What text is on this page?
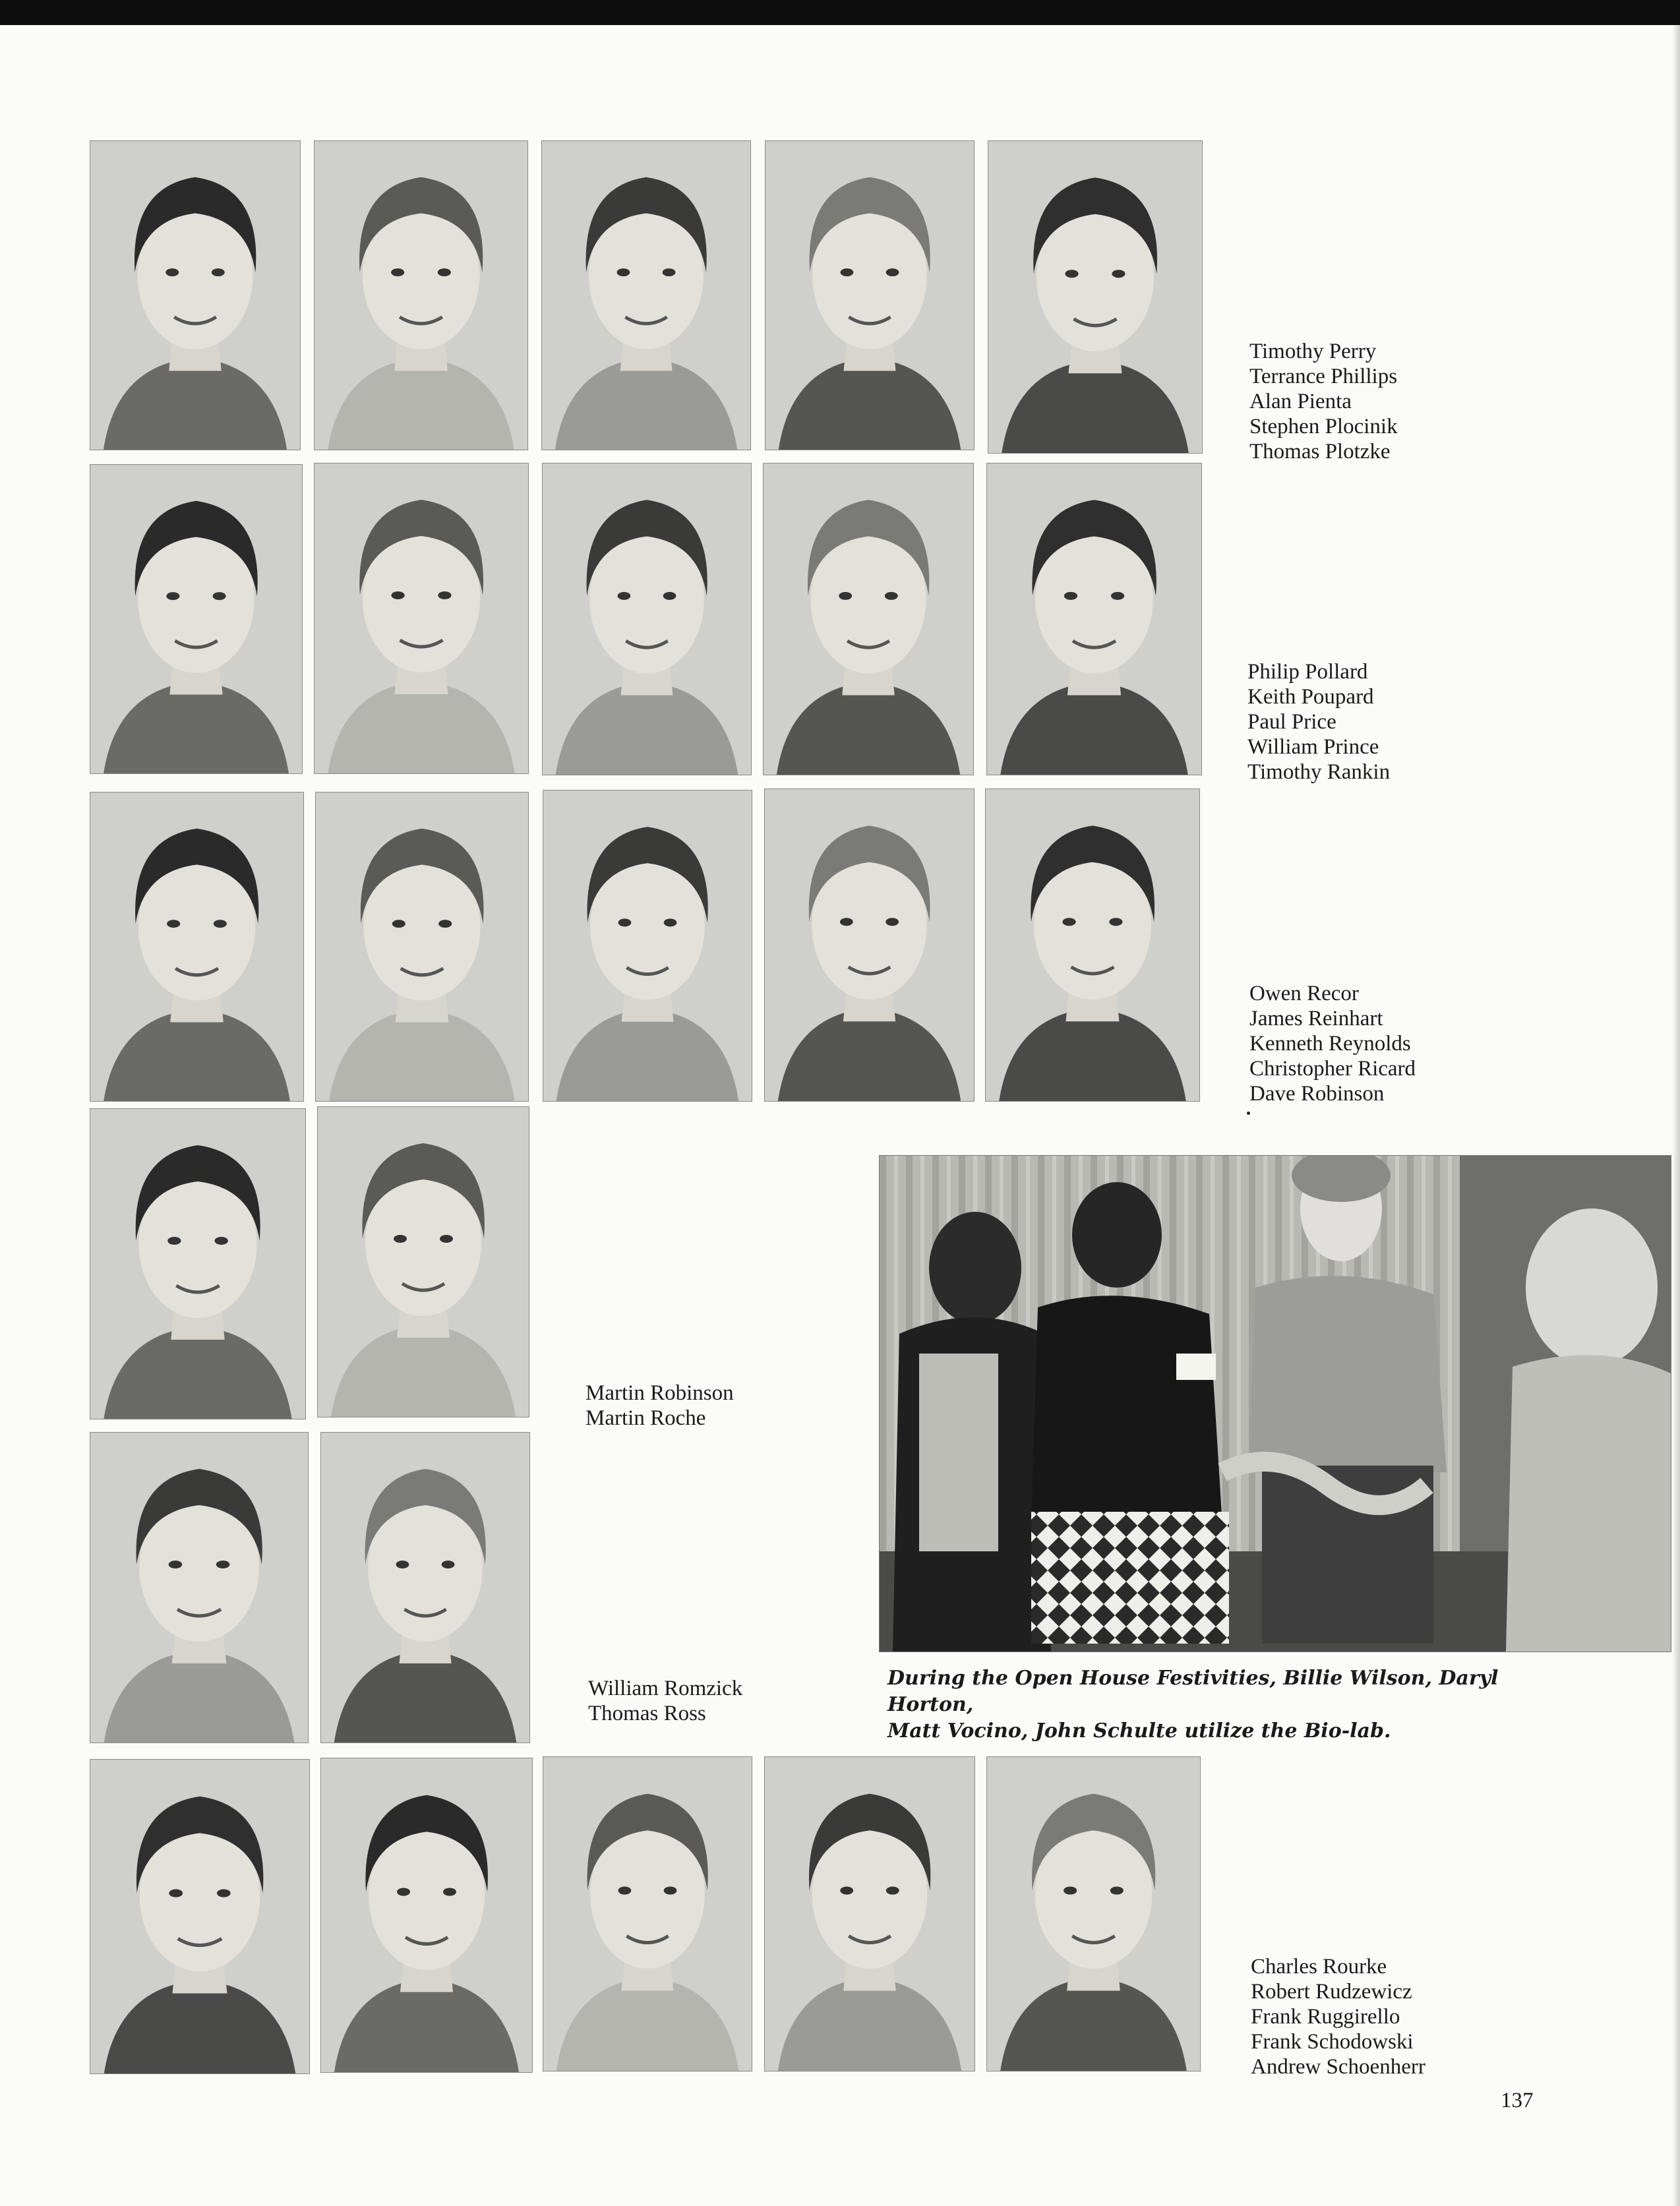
Timothy Perry
Terrance Phillips
Alan Pienta
Stephen Plocinik
Thomas Plotzke
Philip Pollard
Keith Poupard
Paul Price
William Prince
Timothy Rankin
Owen Recor
James Reinhart
Kenneth Reynolds
Christopher Ricard
Dave Robinson
Martin Robinson
Martin Roche
William Romzick
Thomas Ross
During the Open House Festivities, Billie Wilson, Daryl Horton,
Matt Vocino, John Schulte utilize the Bio-lab.
Charles Rourke
Robert Rudzewicz
Frank Ruggirello
Frank Schodowski
Andrew Schoenherr
137
